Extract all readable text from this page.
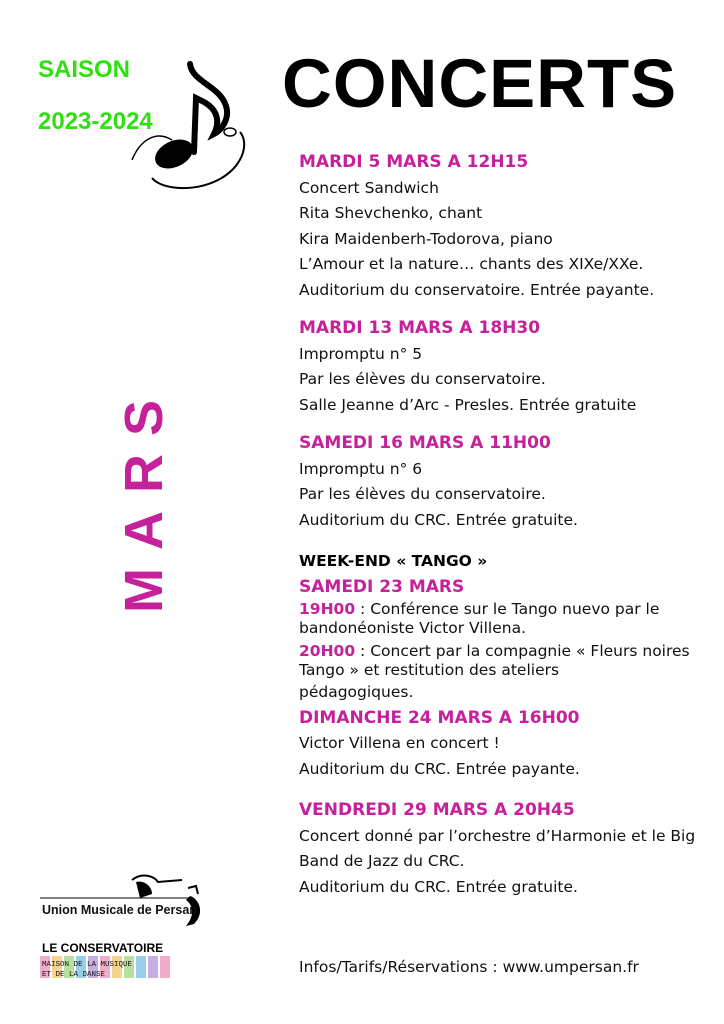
SAISON
2023-2024	CONCERTS
MARS

MARDI 5 MARS A 12H15

Concert Sandwich

Rita Shevchenko, chant

Kira Maidenberh-Todorova, piano

L’Amour et la nature… chants des XIXe/XXe.

Auditorium du conservatoire. Entrée payante.

MARDI 13 MARS A 18H30

Impromptu n° 5

Par les élèves du conservatoire.

Salle Jeanne d’Arc - Presles. Entrée gratuite

SAMEDI 16 MARS A 11H00

Impromptu n° 6

Par les élèves du conservatoire.

Auditorium du CRC. Entrée gratuite.

WEEK-END « TANGO »

SAMEDI 23 MARS

19H00 : Conférence sur le Tango nuevo par le bandonéoniste Victor Villena.

20H00 : Concert par la compagnie « Fleurs noires Tango » et restitution des ateliers

pédagogiques.

DIMANCHE 24 MARS A 16H00

Victor Villena en concert !

Auditorium du CRC. Entrée payante.

VENDREDI 29 MARS A 20H45

Concert donné par l’orchestre d’Harmonie et le Big Band de Jazz du CRC.

Auditorium du CRC. Entrée gratuite.

Infos/Tarifs/Réservations : www.umpersan.fr
Union Musicale de Persan
LE CONSERVATOIRE
MAISON DE LA MUSIQUE
ET DE LA DANSE
